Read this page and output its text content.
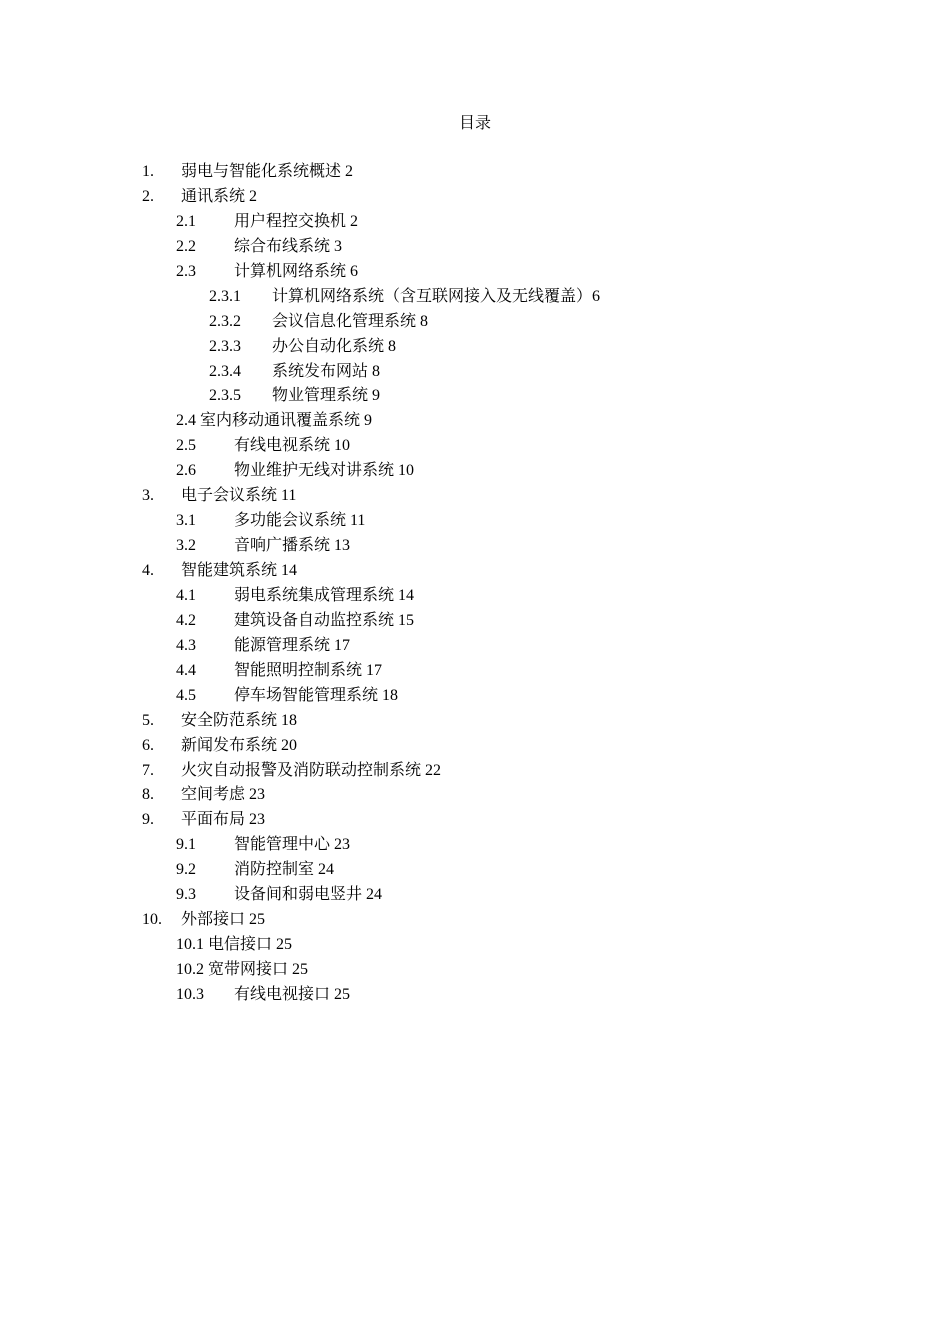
目录
1. 弱电与智能化系统概述 2
2. 通讯系统 2
2.1 用户程控交换机 2
2.2 综合布线系统 3
2.3 计算机网络系统 6
2.3.1 计算机网络系统（含互联网接入及无线覆盖）6
2.3.2 会议信息化管理系统 8
2.3.3 办公自动化系统 8
2.3.4 系统发布网站 8
2.3.5 物业管理系统 9
2.4 室内移动通讯覆盖系统 9
2.5 有线电视系统 10
2.6 物业维护无线对讲系统 10
3. 电子会议系统 11
3.1 多功能会议系统 11
3.2 音响广播系统 13
4. 智能建筑系统 14
4.1 弱电系统集成管理系统 14
4.2 建筑设备自动监控系统 15
4.3 能源管理系统 17
4.4 智能照明控制系统 17
4.5 停车场智能管理系统 18
5. 安全防范系统 18
6. 新闻发布系统 20
7. 火灾自动报警及消防联动控制系统 22
8. 空间考虑 23
9. 平面布局 23
9.1 智能管理中心 23
9.2 消防控制室 24
9.3 设备间和弱电竖井 24
10. 外部接口 25
10.1 电信接口 25
10.2 宽带网接口 25
10.3 有线电视接口 25
